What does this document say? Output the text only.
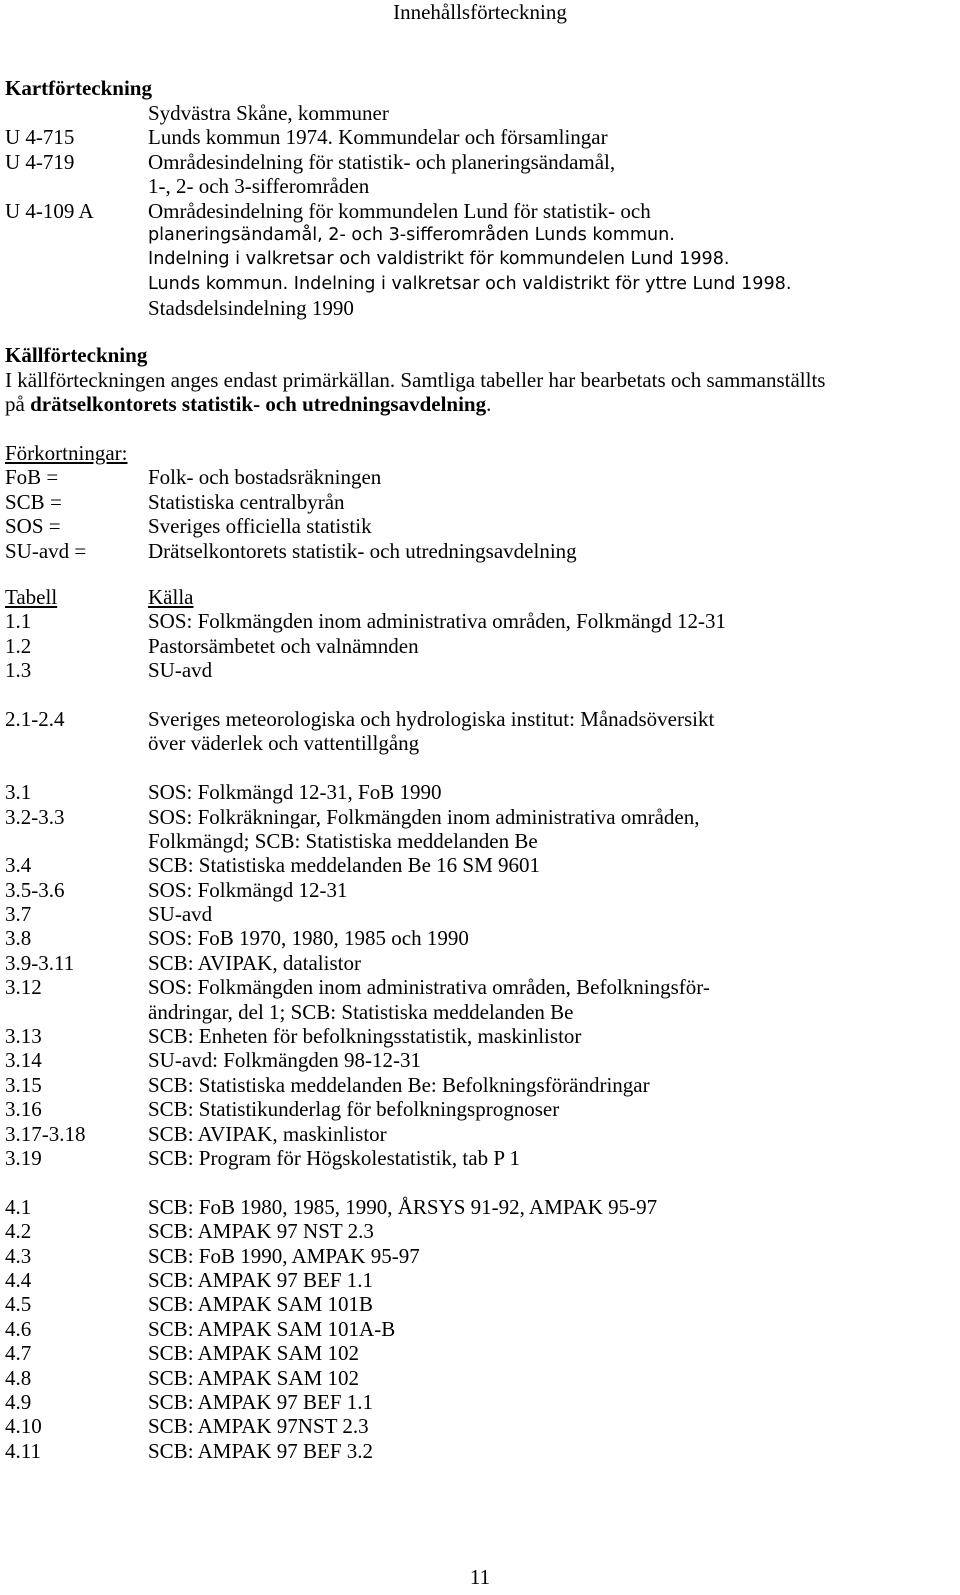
Innehållsförteckning
Kartförteckning
Sydvästra Skåne, kommuner
U 4-715	Lunds kommun 1974. Kommundelar och församlingar
U 4-719	Områdesindelning för statistik- och planeringsändamål,
1-, 2- och 3-sifferområden
U 4-109 A	Områdesindelning för kommundelen Lund för statistik- och
planeringsändamål, 2- och 3-sifferområden Lunds kommun.
Indelning i valkretsar och valdistrikt för kommundelen Lund 1998.
Lunds kommun. Indelning i valkretsar och valdistrikt för yttre Lund 1998.
Stadsdelsindelning 1990
Källförteckning
I källförteckningen anges endast primärkällan. Samtliga tabeller har bearbetats och sammanställts
på drätselkontorets statistik- och utredningsavdelning.
Förkortningar:
FoB =	Folk- och bostadsräkningen
SCB =	Statistiska centralbyrån
SOS =	Sveriges officiella statistik
SU-avd =	Drätselkontorets statistik- och utredningsavdelning
Tabell	Källa
1.1	SOS: Folkmängden inom administrativa områden, Folkmängd 12-31
1.2	Pastorsämbetet och valnämnden
1.3	SU-avd
2.1-2.4	Sveriges meteorologiska och hydrologiska institut: Månadsöversikt
över väderlek och vattentillgång
3.1	SOS: Folkmängd 12-31, FoB 1990
3.2-3.3	SOS: Folkräkningar, Folkmängden inom administrativa områden,
Folkmängd; SCB: Statistiska meddelanden Be
3.4	SCB: Statistiska meddelanden Be 16 SM 9601
3.5-3.6	SOS: Folkmängd 12-31
3.7	SU-avd
3.8	SOS: FoB 1970, 1980, 1985 och 1990
3.9-3.11	SCB: AVIPAK, datalistor
3.12	SOS: Folkmängden inom administrativa områden, Befolkningsför-
ändringar, del 1; SCB: Statistiska meddelanden Be
3.13	SCB: Enheten för befolkningsstatistik, maskinlistor
3.14	SU-avd: Folkmängden 98-12-31
3.15	SCB: Statistiska meddelanden Be: Befolkningsförändringar
3.16	SCB: Statistikunderlag för befolkningsprognoser
3.17-3.18	SCB: AVIPAK, maskinlistor
3.19	SCB: Program för Högskolestatistik, tab P 1
4.1	SCB: FoB 1980, 1985, 1990, ÅRSYS 91-92, AMPAK 95-97
4.2	SCB: AMPAK 97 NST 2.3
4.3	SCB: FoB 1990, AMPAK 95-97
4.4	SCB: AMPAK 97 BEF 1.1
4.5	SCB: AMPAK SAM 101B
4.6	SCB: AMPAK SAM 101A-B
4.7	SCB: AMPAK SAM 102
4.8	SCB: AMPAK SAM 102
4.9	SCB: AMPAK 97 BEF 1.1
4.10	SCB: AMPAK 97NST 2.3
4.11	SCB: AMPAK 97 BEF 3.2
11
